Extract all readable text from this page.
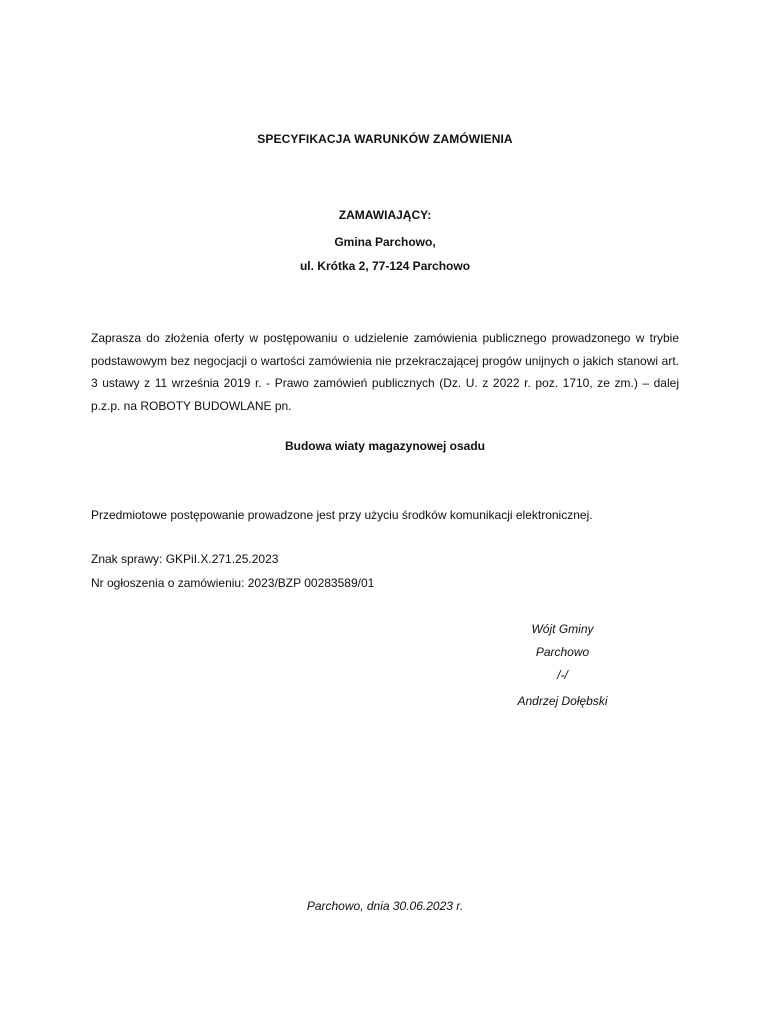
SPECYFIKACJA WARUNKÓW ZAMÓWIENIA
ZAMAWIAJĄCY:
Gmina Parchowo,
ul. Krótka 2, 77-124 Parchowo
Zaprasza do złożenia oferty w postępowaniu o udzielenie zamówienia publicznego prowadzonego w trybie podstawowym bez negocjacji o wartości zamówienia nie przekraczającej progów unijnych o jakich stanowi art. 3 ustawy z 11 września 2019 r. - Prawo zamówień publicznych (Dz. U. z 2022 r. poz. 1710, ze zm.) – dalej p.z.p. na ROBOTY BUDOWLANE pn.
Budowa wiaty magazynowej osadu
Przedmiotowe postępowanie prowadzone jest przy użyciu środków komunikacji elektronicznej.
Znak sprawy: GKPiI.X.271.25.2023
Nr ogłoszenia o zamówieniu: 2023/BZP 00283589/01
Wójt Gminy
Parchowo
/-/
Andrzej Dołębski
Parchowo, dnia 30.06.2023 r.
